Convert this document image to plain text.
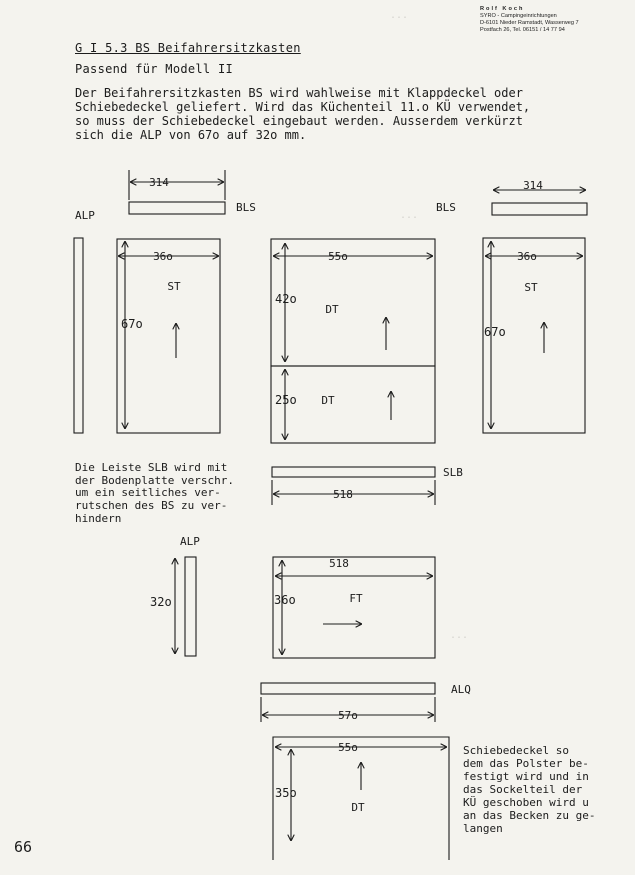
...
...
...
Rolf Koch
SYRO - Campingeinrichtungen
D-6101 Nieder Ramstadt, Wasserweg 7
Postfach 26, Tel. 06151 / 14 77 94
G I 5.3 BS Beifahrersitzkasten
Passend für Modell II
Der Beifahrersitzkasten BS wird wahlweise mit Klappdeckel oder
Schiebedeckel geliefert. Wird das Küchenteil 11.o KÜ verwendet,
so muss der Schiebedeckel eingebaut werden. Ausserdem verkürzt
sich die ALP von 67o auf 32o mm.
ALP
BLS	BLS
314	314
36o
ST
67o
55o
42o
DT
25o DT
36o
ST
67o
SLB
518
ALP
32o
518
36o	FT
ALQ
57o
55o
35o
DT
Die Leiste SLB wird mit
der Bodenplatte verschr.
um ein seitliches ver-
rutschen des BS zu ver-
hindern
Schiebedeckel so
dem das Polster be-
festigt wird und in
das Sockelteil der
KÜ geschoben wird u
an das Becken zu ge-
langen
66
